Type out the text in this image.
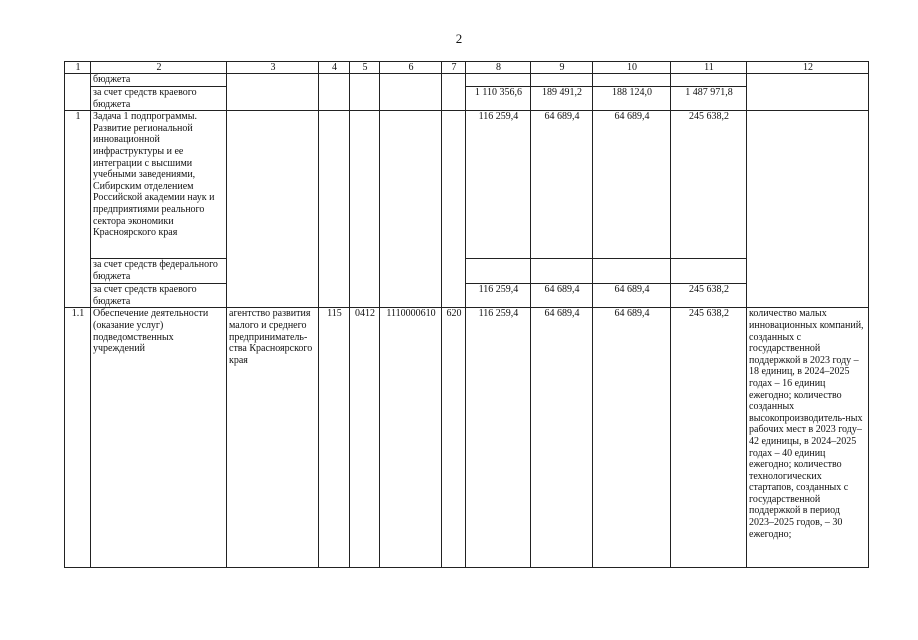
2
1	2	3	4	5	6	7	8	9	10	11	12
	бюджета										
	за счет средств краевого бюджета						1 110 356,6	189 491,2	188 124,0	1 487 971,8	
1	Задача 1 подпрограммы. Развитие региональной инновационной инфраструктуры и ее интеграции с высшими учебными заведениями, Сибирским отделением Российской академии наук и предприятиями реального сектора экономики Красноярского края						116 259,4	64 689,4	64 689,4	245 638,2	
	за счет средств федерального бюджета										
	за счет средств краевого бюджета						116 259,4	64 689,4	64 689,4	245 638,2	
1.1	Обеспечение деятельности (оказание услуг) подведомственных учреждений	агентство развития малого и среднего предприниматель-ства Красноярского края	115	0412	1110000610	620	116 259,4	64 689,4	64 689,4	245 638,2	количество малых инновационных компаний, созданных с государственной поддержкой в 2023 году – 18 единиц, в 2024–2025 годах – 16 единиц ежегодно; количество созданных высокопроизводитель-ных рабочих мест в 2023 году– 42 единицы, в 2024–2025 годах – 40 единиц ежегодно; количество технологических стартапов, созданных с государственной поддержкой в период 2023–2025 годов, – 30 ежегодно;
